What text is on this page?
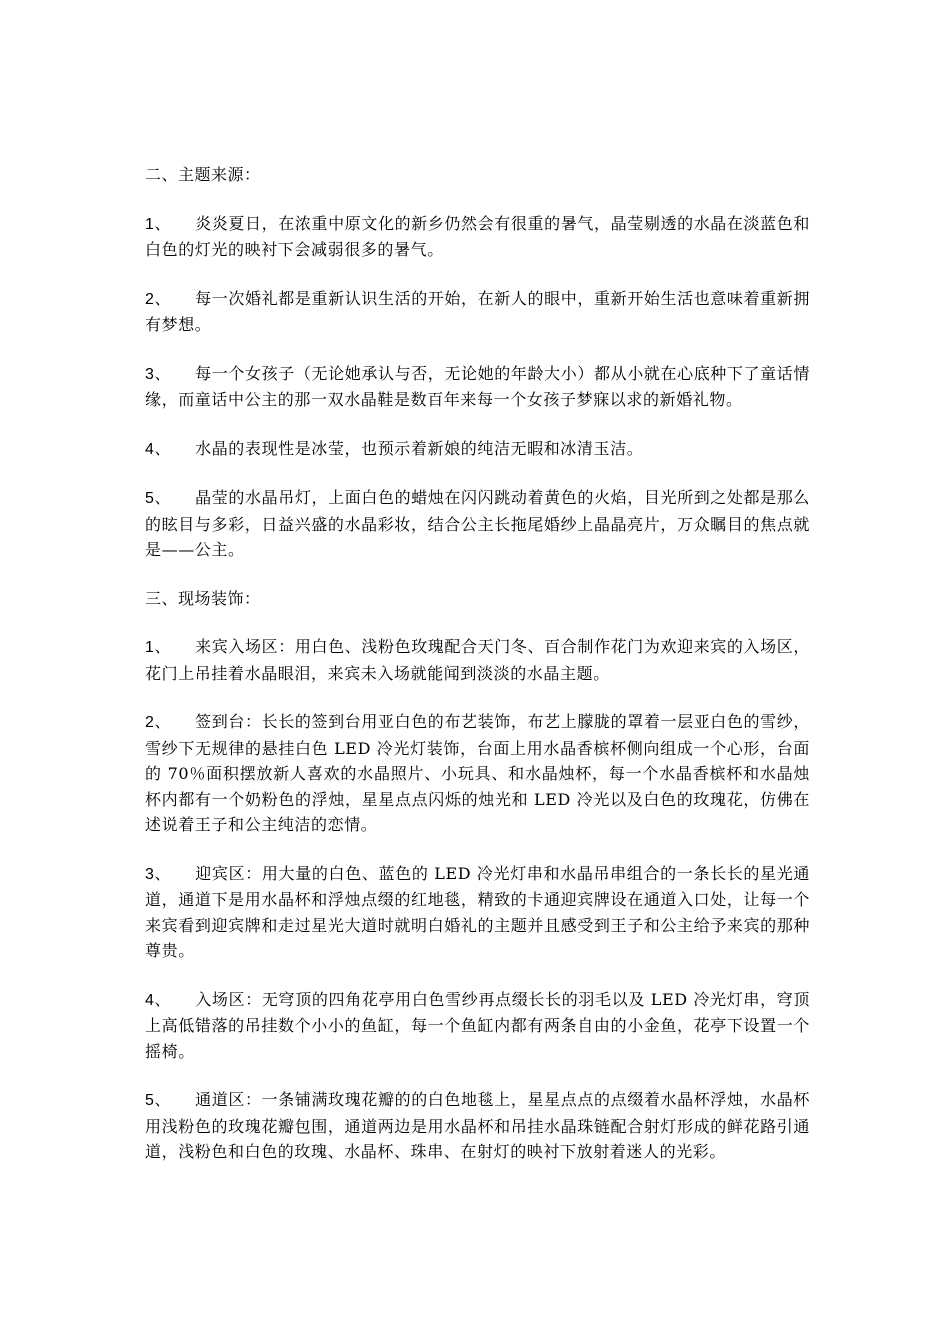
二、主题来源：

1、 炎炎夏日，在浓重中原文化的新乡仍然会有很重的暑气，晶莹剔透的水晶在淡蓝色和白色的灯光的映衬下会减弱很多的暑气。

2、 每一次婚礼都是重新认识生活的开始，在新人的眼中，重新开始生活也意味着重新拥有梦想。

3、 每一个女孩子（无论她承认与否，无论她的年龄大小）都从小就在心底种下了童话情缘，而童话中公主的那一双水晶鞋是数百年来每一个女孩子梦寐以求的新婚礼物。

4、 水晶的表现性是冰莹，也预示着新娘的纯洁无暇和冰清玉洁。

5、 晶莹的水晶吊灯，上面白色的蜡烛在闪闪跳动着黄色的火焰，目光所到之处都是那么的眩目与多彩，日益兴盛的水晶彩妆，结合公主长拖尾婚纱上晶晶亮片，万众瞩目的焦点就是——公主。

三、现场装饰：

1、 来宾入场区：用白色、浅粉色玫瑰配合天门冬、百合制作花门为欢迎来宾的入场区，花门上吊挂着水晶眼泪，来宾未入场就能闻到淡淡的水晶主题。

2、 签到台：长长的签到台用亚白色的布艺装饰，布艺上朦胧的罩着一层亚白色的雪纱，雪纱下无规律的悬挂白色 LED 冷光灯装饰，台面上用水晶香槟杯侧向组成一个心形，台面的 70％面积摆放新人喜欢的水晶照片、小玩具、和水晶烛杯，每一个水晶香槟杯和水晶烛杯内都有一个奶粉色的浮烛，星星点点闪烁的烛光和 LED 冷光以及白色的玫瑰花，仿佛在述说着王子和公主纯洁的恋情。

3、 迎宾区：用大量的白色、蓝色的 LED 冷光灯串和水晶吊串组合的一条长长的星光通道，通道下是用水晶杯和浮烛点缀的红地毯，精致的卡通迎宾牌设在通道入口处，让每一个来宾看到迎宾牌和走过星光大道时就明白婚礼的主题并且感受到王子和公主给予来宾的那种尊贵。

4、 入场区：无穹顶的四角花亭用白色雪纱再点缀长长的羽毛以及 LED 冷光灯串，穹顶上高低错落的吊挂数个小小的鱼缸，每一个鱼缸内都有两条自由的小金鱼，花亭下设置一个摇椅。

5、 通道区：一条铺满玫瑰花瓣的的白色地毯上，星星点点的点缀着水晶杯浮烛，水晶杯用浅粉色的玫瑰花瓣包围，通道两边是用水晶杯和吊挂水晶珠链配合射灯形成的鲜花路引通道，浅粉色和白色的玫瑰、水晶杯、珠串、在射灯的映衬下放射着迷人的光彩。
